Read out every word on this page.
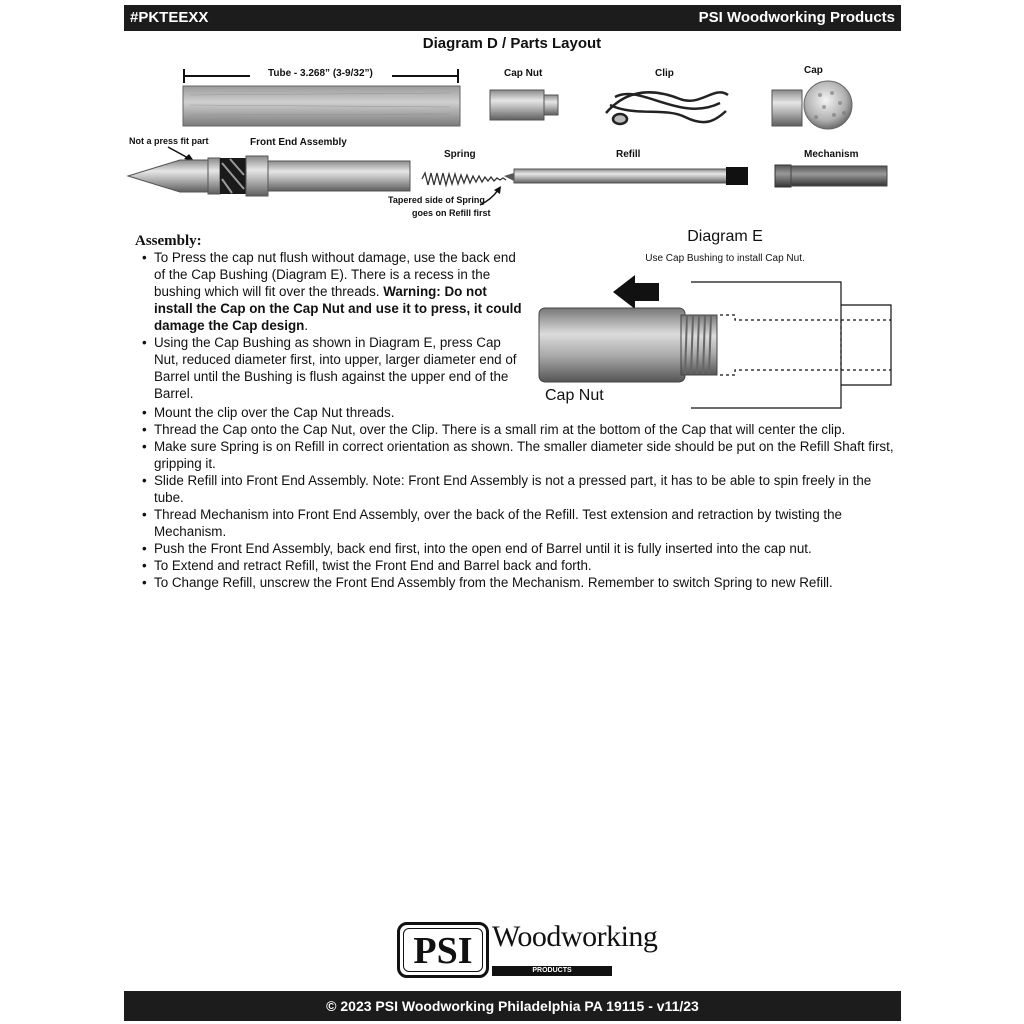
#PKTEEXX	PSI Woodworking Products
Diagram D / Parts Layout
Tube - 3.268” (3-9/32”)	Cap Nut	Clip	Cap
Not a press fit part	Front End Assembly
Spring	Refill	Mechanism
Tapered side of Spring
goes on Refill first
Assembly:
• To Press the cap nut flush without damage, use the back end of the Cap Bushing (Diagram E). There is a recess in the bushing which will fit over the threads. Warning: Do not install the Cap on the Cap Nut and use it to press, it could damage the Cap design.
• Using the Cap Bushing as shown in Diagram E, press Cap Nut, reduced diameter first, into upper, larger diameter end of Barrel until the Bushing is flush against the upper end of the Barrel.
• Mount the clip over the Cap Nut threads.
• Thread the Cap onto the Cap Nut, over the Clip. There is a small rim at the bottom of the Cap that will center the clip.
• Make sure Spring is on Refill in correct orientation as shown. The smaller diameter side should be put on the Refill Shaft first, gripping it.
• Slide Refill into Front End Assembly. Note: Front End Assembly is not a pressed part, it has to be able to spin freely in the tube.
• Thread Mechanism into Front End Assembly, over the back of the Refill. Test extension and retraction by twisting the Mechanism.
• Push the Front End Assembly, back end first, into the open end of Barrel until it is fully inserted into the cap nut.
• To Extend and retract Refill, twist the Front End and Barrel back and forth.
• To Change Refill, unscrew the Front End Assembly from the Mechanism. Remember to switch Spring to new Refill.
Diagram E
Use Cap Bushing to install Cap Nut.
Cap Nut
PSI Woodworking
PRODUCTS
© 2023 PSI Woodworking Philadelphia PA 19115 - v11/23
